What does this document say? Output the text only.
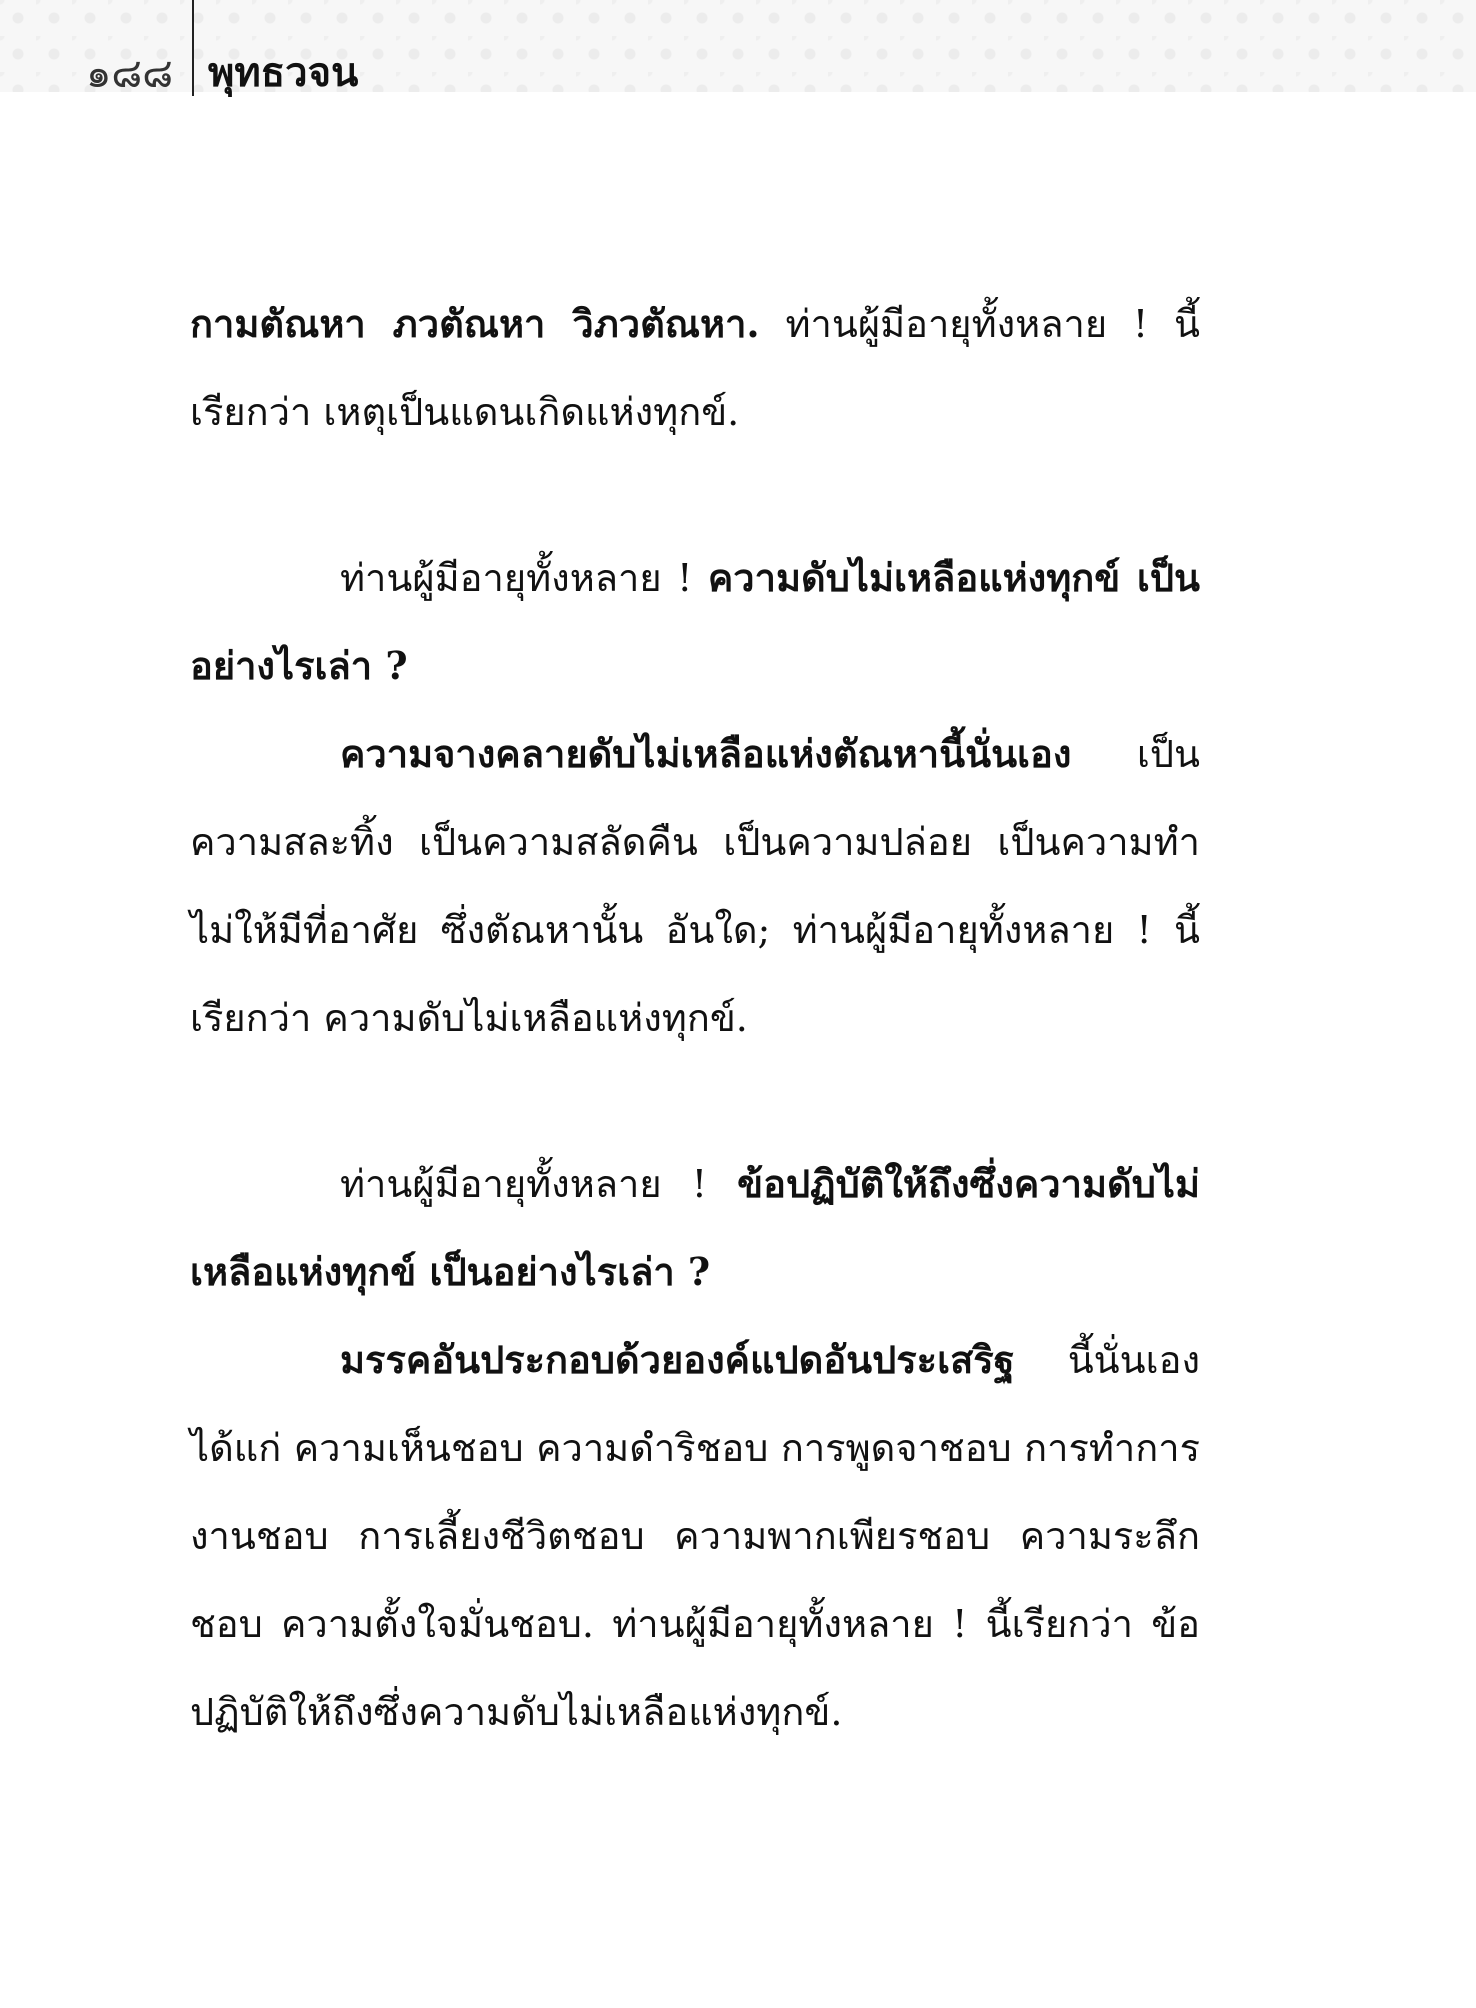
๑๘๘ พุทธวจน

กามตัณหา ภวตัณหา วิภวตัณหา. ท่านผู้มีอายุทั้งหลาย ! นี้เรียกว่า เหตุเป็นแดนเกิดแห่งทุกข์.

ท่านผู้มีอายุทั้งหลาย ! ความดับไม่เหลือแห่งทุกข์ เป็นอย่างไรเล่า ?

ความจางคลายดับไม่เหลือแห่งตัณหานี้นั่นเอง เป็นความสละทิ้ง เป็นความสลัดคืน เป็นความปล่อย เป็นความทำไม่ให้มีที่อาศัย ซึ่งตัณหานั้น อันใด; ท่านผู้มีอายุทั้งหลาย ! นี้เรียกว่า ความดับไม่เหลือแห่งทุกข์.

ท่านผู้มีอายุทั้งหลาย ! ข้อปฏิบัติให้ถึงซึ่งความดับไม่เหลือแห่งทุกข์ เป็นอย่างไรเล่า ?

มรรคอันประกอบด้วยองค์แปดอันประเสริฐ นี้นั่นเอง ได้แก่ ความเห็นชอบ ความดำริชอบ การพูดจาชอบ การทำการงานชอบ การเลี้ยงชีวิตชอบ ความพากเพียรชอบ ความระลึกชอบ ความตั้งใจมั่นชอบ. ท่านผู้มีอายุทั้งหลาย ! นี้เรียกว่า ข้อปฏิบัติให้ถึงซึ่งความดับไม่เหลือแห่งทุกข์.
